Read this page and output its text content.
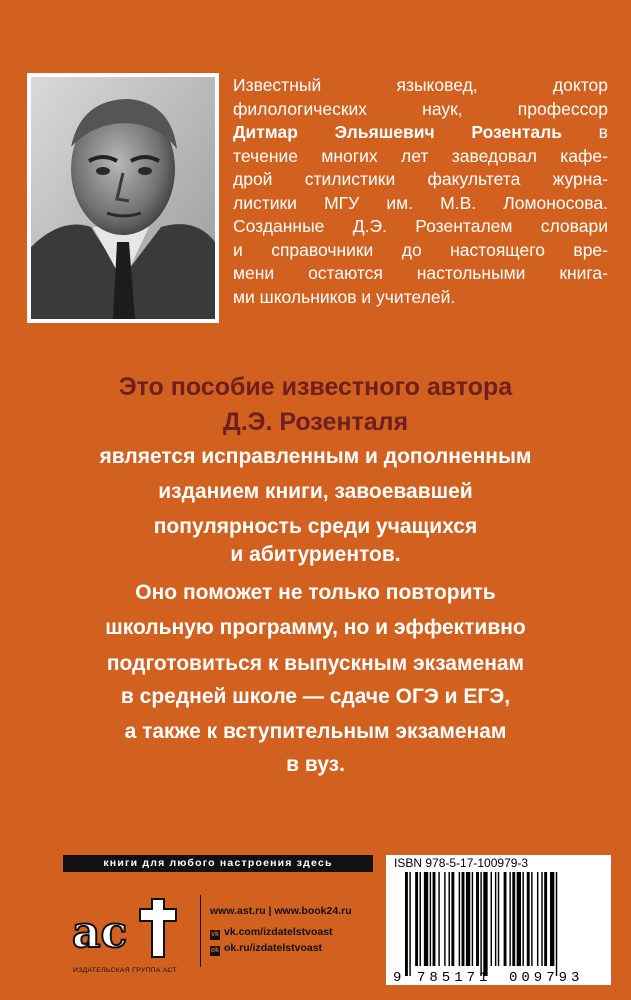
Известный языковед, доктор
филологических наук, профессор
Дитмар Эльяшевич Розенталь в
течение многих лет заведовал кафе-
дрой стилистики факультета журна-
листики МГУ им. М.В. Ломоносова.
Созданные Д.Э. Розенталем словари
и справочники до настоящего вре-
мени остаются настольными книга-
ми школьников и учителей.
Это пособие известного автора
Д.Э. Розенталя
является исправленным и дополненным
изданием книги, завоевавшей
популярность среди учащихся
и абитуриентов.
Оно поможет не только повторить
школьную программу, но и эффективно
подготовиться к выпускным экзаменам
в средней школе — сдаче ОГЭ и ЕГЭ,
а также к вступительным экзаменам
в вуз.
книги для любого настроения здесь
ac
ИЗДАТЕЛЬСКАЯ ГРУППА АСТ
www.ast.ru | www.book24.ru
vk vk.com/izdatelstvoast
ok ok.ru/izdatelstvoast
ISBN 978-5-17-100979-3
9 785171 009793
